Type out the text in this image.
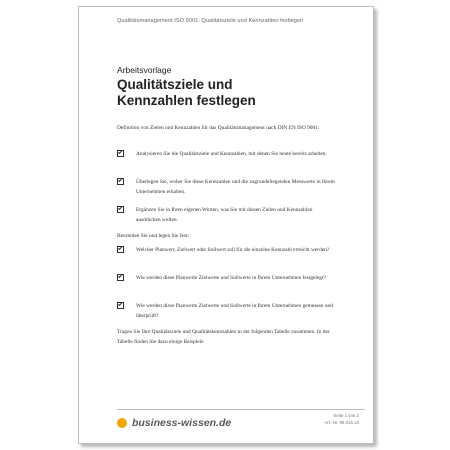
Qualitätsmanagement ISO 9001: Qualitätsziele und Kennzahlen festlegen
Arbeitsvorlage
Qualitätsziele und
Kennzahlen festlegen
Definition von Zielen und Kennzahlen für das Qualitätsmanagement nach DIN EN ISO 9001:
Analysieren Sie die Qualitätsziele und Kennzahlen, mit denen Sie heute bereits arbeiten.
Überlegen Sie, woher Sie diese Kennzahlen und die zugrundeliegenden Messwerte in Ihrem Unternehmen erhalten.
Ergänzen Sie in Ihren eigenen Worten, was Sie mit diesen Zielen und Kennzahlen ausdrücken wollen.
Beurteilen Sie und legen Sie fest:
Welcher Planwert, Zielwert oder Sollwert soll für die einzelne Kennzahl erreicht werden?
Wie werden diese Planwerte Zielwerte und Sollwerte in Ihrem Unternehmen festgelegt?
Wie werden diese Planwerte Zielwerte und Sollwerte in Ihrem Unternehmen gemessen und überprüft?
Tragen Sie Ihre Qualitätsziele und Qualitätskennzahlen in der folgenden Tabelle zusammen. In der Tabelle finden Sie dazu einige Beispiele
business-wissen.de
Seite 1 von 2
Art.-Nr. 99.015.13
